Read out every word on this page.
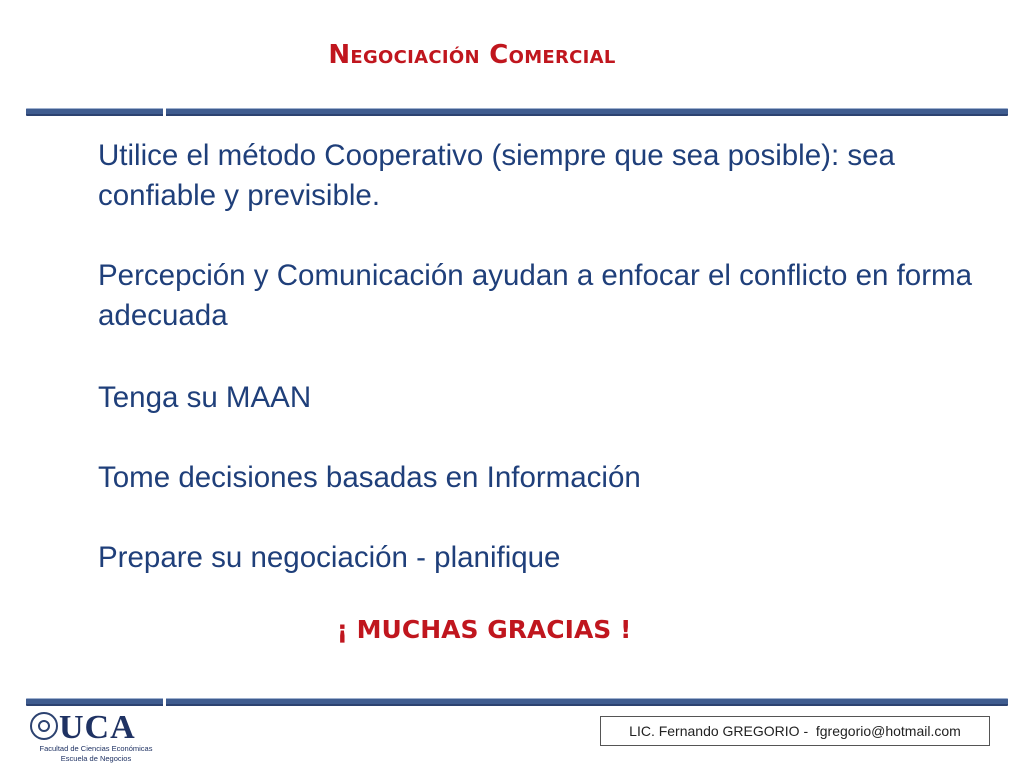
Negociación Comercial

Utilice el método Cooperativo (siempre que sea posible): sea confiable y previsible.

Percepción y Comunicación ayudan a enfocar el conflicto en forma adecuada

Tenga su MAAN

Tome decisiones basadas en Información

Prepare su negociación - planifique

¡ MUCHAS GRACIAS !
UCA
Facultad de Ciencias Económicas
Escuela de Negocios
LIC. Fernando GREGORIO -  fgregorio@hotmail.com
